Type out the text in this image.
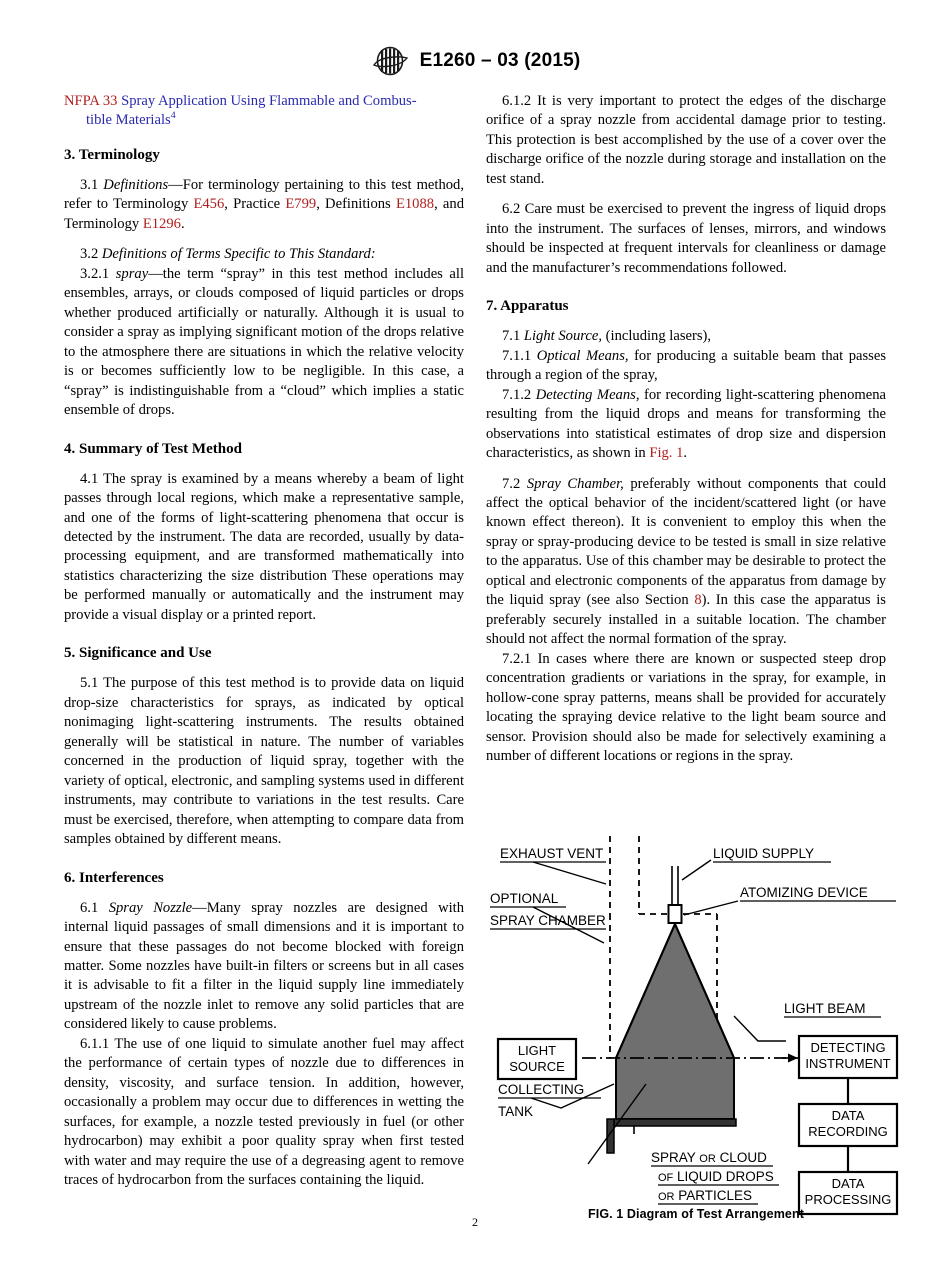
E1260 – 03 (2015)

NFPA 33 Spray Application Using Flammable and Combus-
tible Materials$^4$

3. Terminology

3.1 Definitions—For terminology pertaining to this test method, refer to Terminology E456, Practice E799, Definitions E1088, and Terminology E1296.

3.2 Definitions of Terms Specific to This Standard:

3.2.1 spray—the term “spray” in this test method includes all ensembles, arrays, or clouds composed of liquid particles or drops whether produced artificially or naturally. Although it is usual to consider a spray as implying significant motion of the drops relative to the atmosphere there are situations in which the relative velocity is or becomes sufficiently low to be negligible. In this case, a “spray” is indistinguishable from a “cloud” which implies a static ensemble of drops.

4. Summary of Test Method

4.1 The spray is examined by a means whereby a beam of light passes through local regions, which make a representative sample, and one of the forms of light-scattering phenomena that occur is detected by the instrument. The data are recorded, usually by data-processing equipment, and are transformed mathematically into statistics characterizing the size distribution These operations may be performed manually or automatically and the instrument may provide a visual display or a printed report.

5. Significance and Use

5.1 The purpose of this test method is to provide data on liquid drop-size characteristics for sprays, as indicated by optical nonimaging light-scattering instruments. The results obtained generally will be statistical in nature. The number of variables concerned in the production of liquid spray, together with the variety of optical, electronic, and sampling systems used in different instruments, may contribute to variations in the test results. Care must be exercised, therefore, when attempting to compare data from samples obtained by different means.

6. Interferences

6.1 Spray Nozzle—Many spray nozzles are designed with internal liquid passages of small dimensions and it is important to ensure that these passages do not become blocked with foreign matter. Some nozzles have built-in filters or screens but in all cases it is advisable to fit a filter in the liquid supply line immediately upstream of the nozzle inlet to remove any solid particles that are considered likely to cause problems.

6.1.1 The use of one liquid to simulate another fuel may affect the performance of certain types of nozzle due to differences in density, viscosity, and surface tension. In addition, however, occasionally a problem may occur due to differences in wetting the surfaces, for example, a nozzle tested previously in fuel (or other hydrocarbon) may exhibit a poor quality spray when first tested with water and may require the use of a degreasing agent to remove traces of hydrocarbon from the surfaces containing the liquid.

6.1.2 It is very important to protect the edges of the discharge orifice of a spray nozzle from accidental damage prior to testing. This protection is best accomplished by the use of a cover over the discharge orifice of the nozzle during storage and installation on the test stand.

6.2 Care must be exercised to prevent the ingress of liquid drops into the instrument. The surfaces of lenses, mirrors, and windows should be inspected at frequent intervals for cleanliness or damage and the manufacturer’s recommendations followed.

7. Apparatus

7.1 Light Source, (including lasers),

7.1.1 Optical Means, for producing a suitable beam that passes through a region of the spray,

7.1.2 Detecting Means, for recording light-scattering phenomena resulting from the liquid drops and means for transforming the observations into statistical estimates of drop size and dispersion characteristics, as shown in Fig. 1.

7.2 Spray Chamber, preferably without components that could affect the optical behavior of the incident/scattered light (or have known effect thereon). It is convenient to employ this when the spray or spray-producing device to be tested is small in size relative to the apparatus. Use of this chamber may be desirable to protect the optical and electronic components of the apparatus from damage by the liquid spray (see also Section 8). In this case the apparatus is preferably securely installed in a suitable location. The chamber should not affect the normal formation of the spray.

7.2.1 In cases where there are known or suspected steep drop concentration gradients or variations in the spray, for example, in hollow-cone spray patterns, means shall be provided for accurately locating the spraying device relative to the light beam source and sensor. Provision should also be made for selectively examining a number of different locations or regions in the spray.

LIGHT
SOURCE
DETECTING
INSTRUMENT
DATA
RECORDING
DATA
PROCESSING
EXHAUST VENT
OPTIONAL
SPRAY CHAMBER
LIQUID SUPPLY
ATOMIZING DEVICE
LIGHT BEAM
COLLECTING
TANK
SPRAY OR CLOUD
OF LIQUID DROPS
OR PARTICLES
FIG. 1 Diagram of Test Arrangement
2
